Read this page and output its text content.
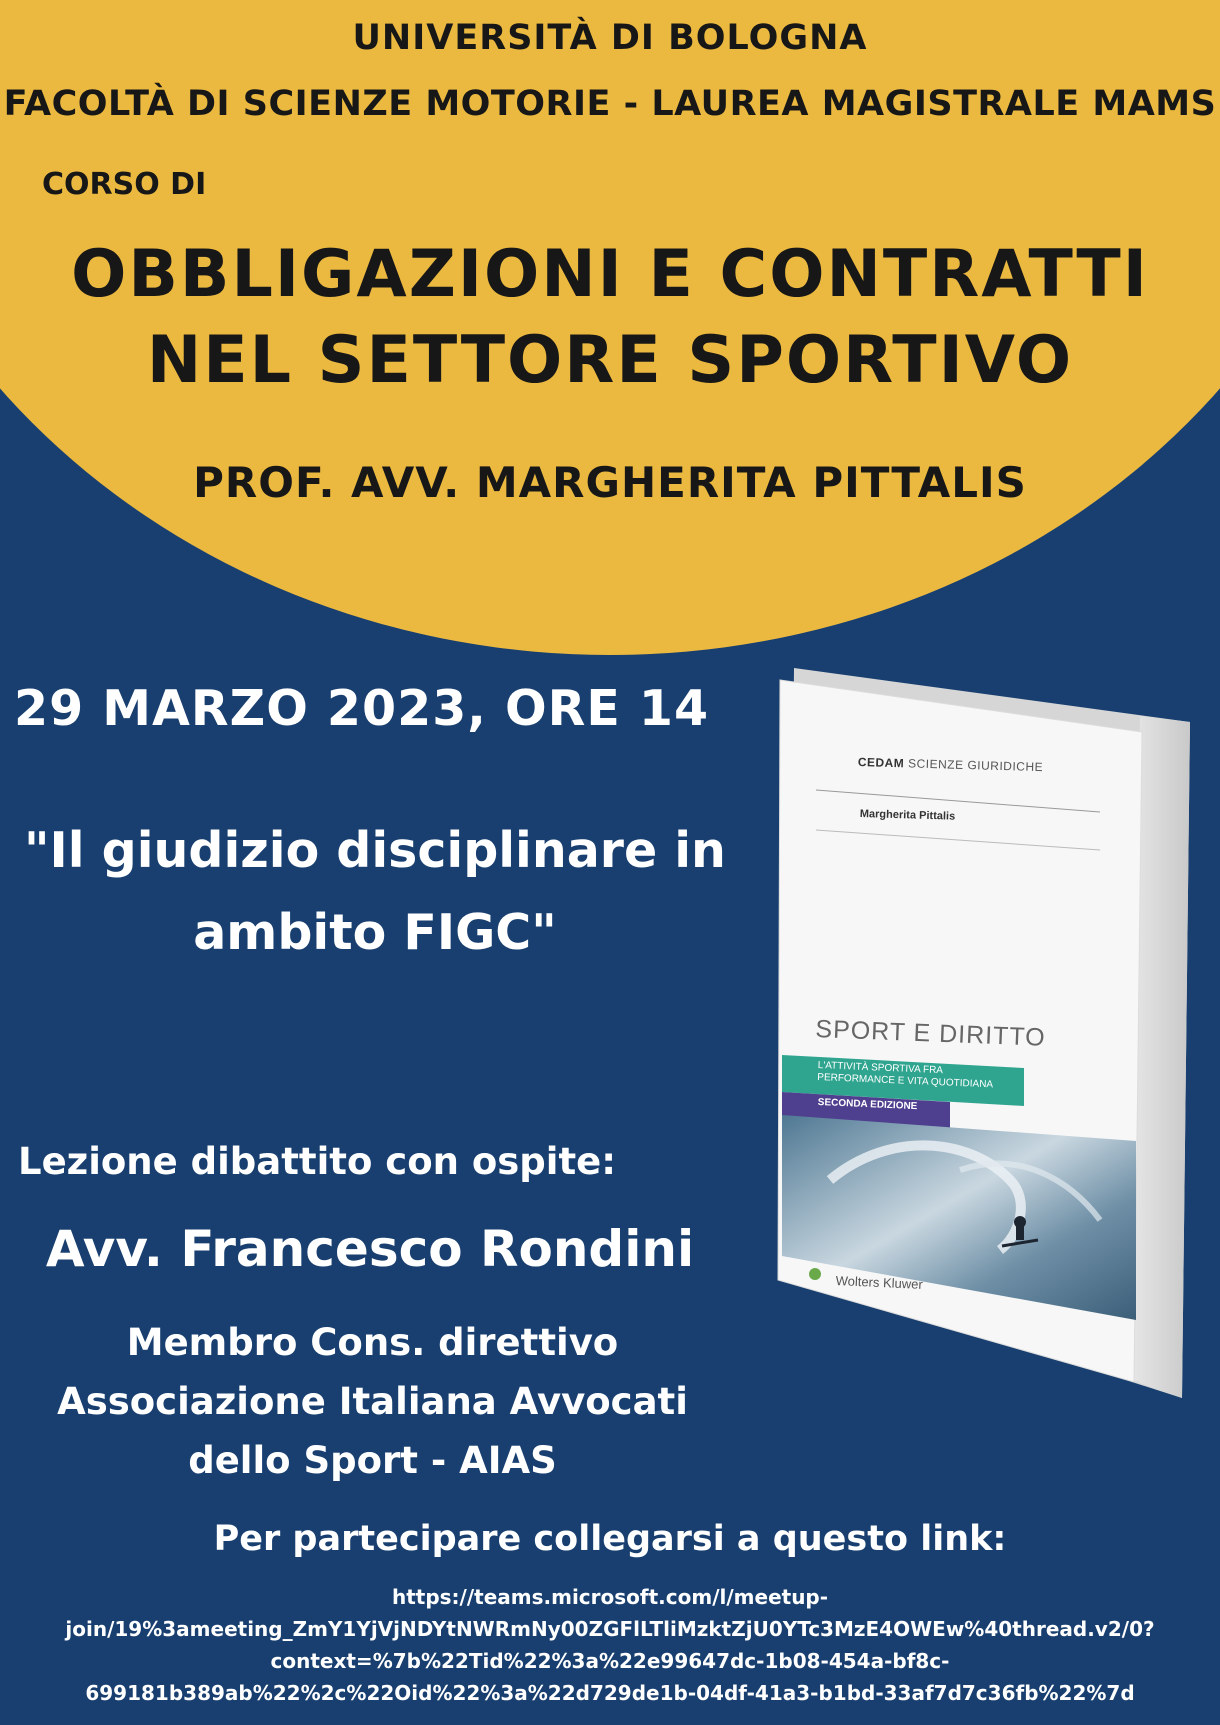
UNIVERSITÀ DI BOLOGNA
FACOLTÀ DI SCIENZE MOTORIE - LAUREA MAGISTRALE MAMS
CORSO DI
OBBLIGAZIONI E CONTRATTI
NEL SETTORE SPORTIVO
PROF. AVV. MARGHERITA PITTALIS
29 MARZO 2023, ORE 14
"Il giudizio disciplinare in
ambito FIGC"
Lezione dibattito con ospite:
Avv. Francesco Rondini
Membro Cons. direttivo
Associazione Italiana Avvocati
dello Sport - AIAS
CEDAM SCIENZE GIURIDICHE
Margherita Pittalis
SPORT E DIRITTO
L'ATTIVITÀ SPORTIVA FRA PERFORMANCE E VITA QUOTIDIANA
SECONDA EDIZIONE
Wolters Kluwer
Per partecipare collegarsi a questo link:
https://teams.microsoft.com/l/meetup-
join/19%3ameeting_ZmY1YjVjNDYtNWRmNy00ZGFlLTliMzktZjU0YTc3MzE4OWEw%40thread.v2/0?
context=%7b%22Tid%22%3a%22e99647dc-1b08-454a-bf8c-
699181b389ab%22%2c%22Oid%22%3a%22d729de1b-04df-41a3-b1bd-33af7d7c36fb%22%7d
